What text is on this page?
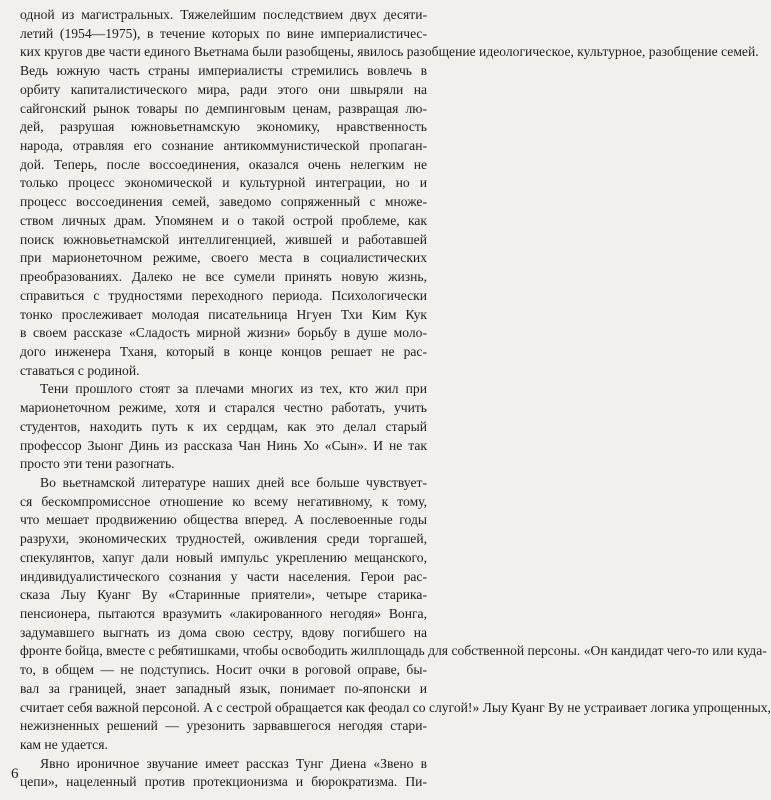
одной из магистральных. Тяжелейшим последствием двух десяти-
летий (1954—1975), в течение которых по вине империалистичес-
ких кругов две части единого Вьетнама были разобщены, явилось разобщение идеологическое, культурное, разобщение семей.
Ведь южную часть страны империалисты стремились вовлечь в
орбиту капиталистического мира, ради этого они швыряли на
сайгонский рынок товары по демпинговым ценам, развращая лю-
дей, разрушая южновьетнамскую экономику, нравственность
народа, отравляя его сознание антикоммунистической пропаган-
дой. Теперь, после воссоединения, оказался очень нелегким не
только процесс экономической и культурной интеграции, но и
процесс воссоединения семей, заведомо сопряженный с множе-
ством личных драм. Упомянем и о такой острой проблеме, как
поиск южновьетнамской интеллигенцией, жившей и работавшей
при марионеточном режиме, своего места в социалистических
преобразованиях. Далеко не все сумели принять новую жизнь,
справиться с трудностями переходного периода. Психологически
тонко прослеживает молодая писательница Нгуен Тхи Ким Кук
в своем рассказе «Сладость мирной жизни» борьбу в душе моло-
дого инженера Тханя, который в конце концов решает не рас-
ставаться с родиной.
Тени прошлого стоят за плечами многих из тех, кто жил при
марионеточном режиме, хотя и старался честно работать, учить
студентов, находить путь к их сердцам, как это делал старый
профессор Зыонг Динь из рассказа Чан Нинь Хо «Сын». И не так
просто эти тени разогнать.
Во вьетнамской литературе наших дней все больше чувствует-
ся бескомпромиссное отношение ко всему негативному, к тому,
что мешает продвижению общества вперед. А послевоенные годы
разрухи, экономических трудностей, оживления среди торгашей,
спекулянтов, хапуг дали новый импульс укреплению мещанского,
индивидуалистического сознания у части населения. Герои рас-
сказа Лыу Куанг Ву «Старинные приятели», четыре старика-
пенсионера, пытаются вразумить «лакированного негодяя» Вонга,
задумавшего выгнать из дома свою сестру, вдову погибшего на
фронте бойца, вместе с ребятишками, чтобы освободить жилплощадь для собственной персоны. «Он кандидат чего-то или куда-
то, в общем — не подступись. Носит очки в роговой оправе, бы-
вал за границей, знает западный язык, понимает по-японски и
считает себя важной персоной. А с сестрой обращается как феодал со слугой!» Лыу Куанг Ву не устраивает логика упрощенных,
нежизненных решений — урезонить зарвавшегося негодяя стари-
кам не удается.
Явно ироничное звучание имеет рассказ Тунг Диена «Звено в
цепи», нацеленный против протекционизма и бюрократизма. Пи-
6
